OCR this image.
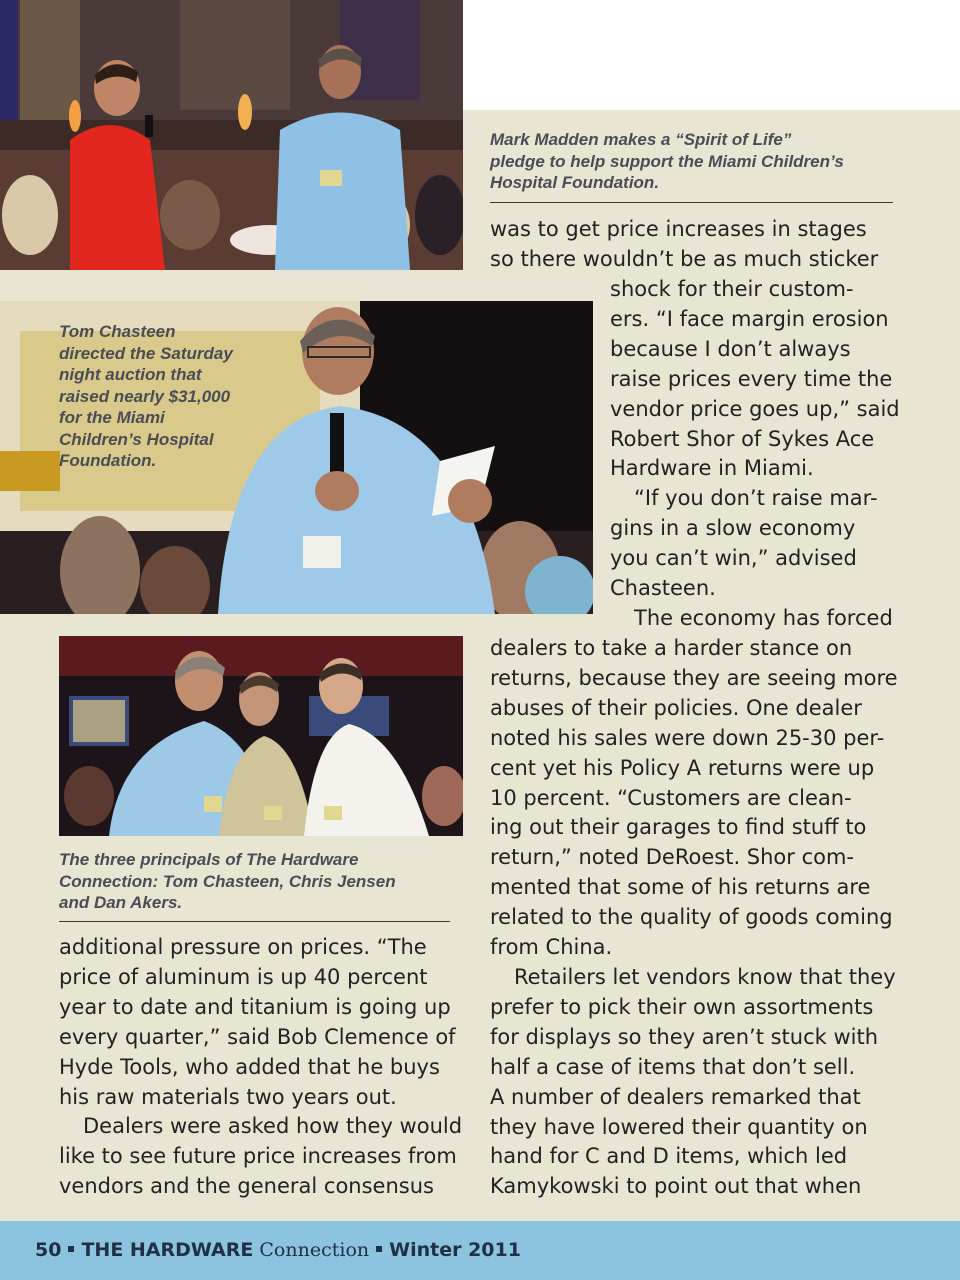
Mark Madden makes a “Spirit of Life”

pledge to help support the Miami Children’s

Hospital Foundation.

Tom Chasteen

directed the Saturday

night auction that

raised nearly $31,000

for the Miami

Children’s Hospital

Foundation.

The three principals of The Hardware

Connection: Tom Chasteen, Chris Jensen

and Dan Akers.

was to get price increases in stages

so there wouldn’t be as much sticker

shock for their custom-

ers. “I face margin erosion

because I don’t always

raise prices every time the

vendor price goes up,” said

Robert Shor of Sykes Ace

Hardware in Miami.

“If you don’t raise mar-

gins in a slow economy

you can’t win,” advised

Chasteen.

The economy has forced

dealers to take a harder stance on

returns, because they are seeing more

abuses of their policies. One dealer

noted his sales were down 25-30 per-

cent yet his Policy A returns were up

10 percent. “Customers are clean-

ing out their garages to find stuff to

return,” noted DeRoest. Shor com-

mented that some of his returns are

related to the quality of goods coming

from China.

Retailers let vendors know that they

prefer to pick their own assortments

for displays so they aren’t stuck with

half a case of items that don’t sell.

A number of dealers remarked that

they have lowered their quantity on

hand for C and D items, which led

Kamykowski to point out that when

additional pressure on prices. “The

price of aluminum is up 40 percent

year to date and titanium is going up

every quarter,” said Bob Clemence of

Hyde Tools, who added that he buys

his raw materials two years out.

Dealers were asked how they would

like to see future price increases from

vendors and the general consensus

50 THE HARDWARE Connection Winter 2011
